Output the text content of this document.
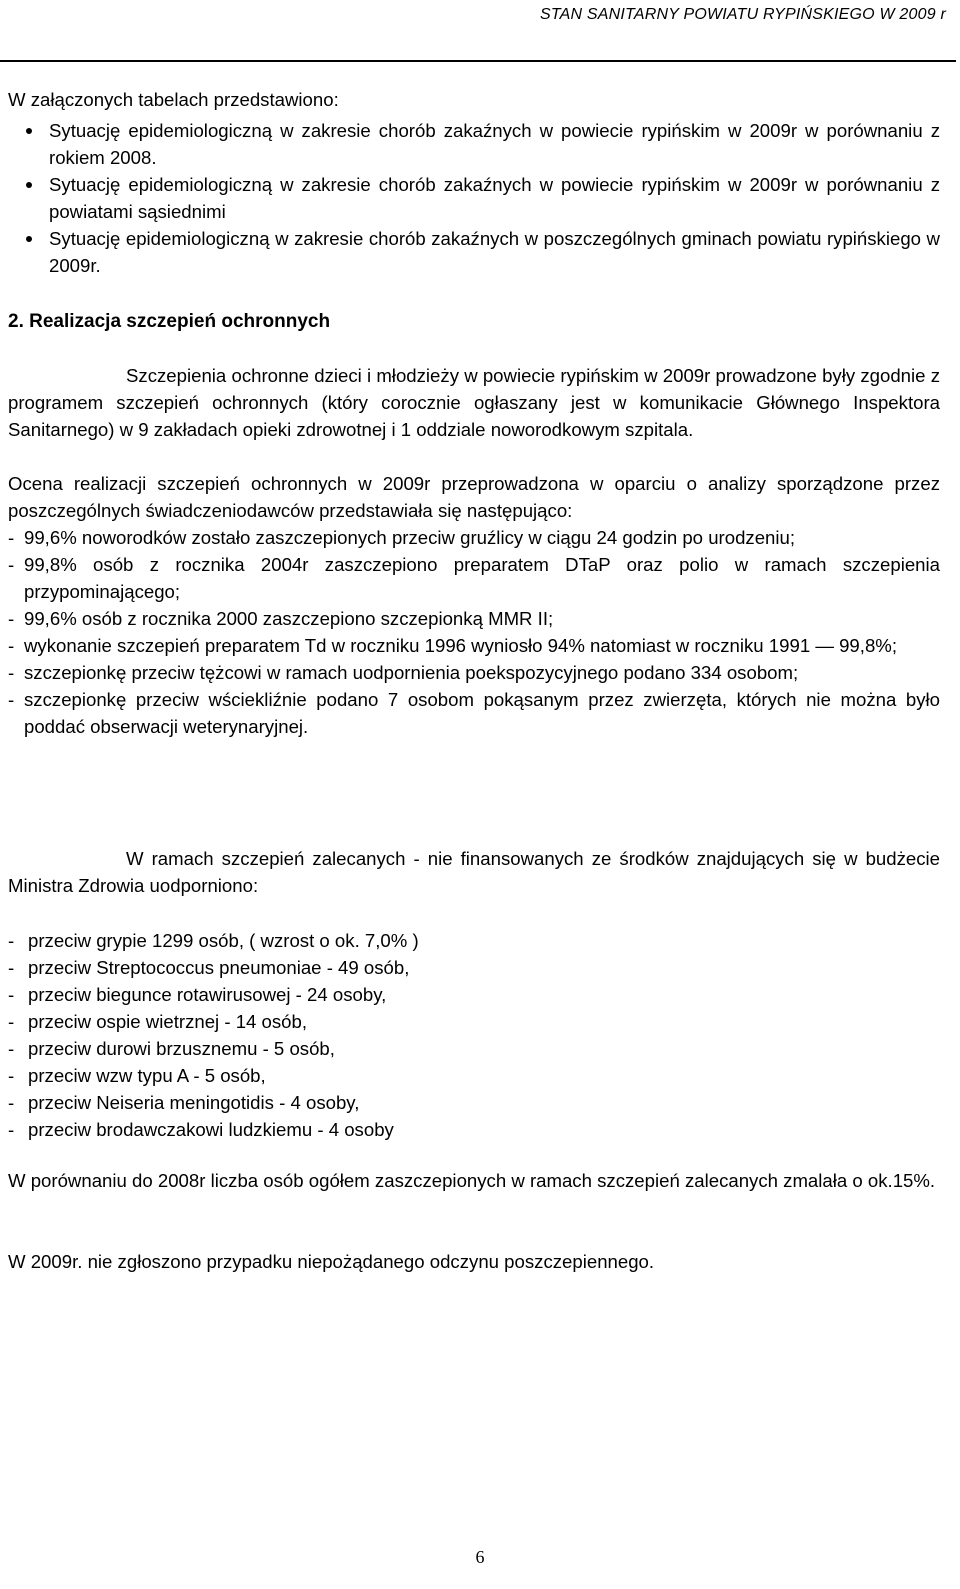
STAN SANITARNY POWIATU RYPIŃSKIEGO W 2009 r

W załączonych tabelach przedstawiono:

Sytuację epidemiologiczną w zakresie chorób zakaźnych w powiecie rypińskim w 2009r w porównaniu z rokiem 2008.
Sytuację epidemiologiczną w zakresie chorób zakaźnych w powiecie rypińskim w 2009r w porównaniu z powiatami sąsiednimi
Sytuację epidemiologiczną w zakresie chorób zakaźnych w poszczególnych gminach powiatu rypińskiego w 2009r.
2. Realizacja szczepień ochronnych

Szczepienia ochronne dzieci i młodzieży w powiecie rypińskim w 2009r prowadzone były zgodnie z programem szczepień ochronnych (który corocznie ogłaszany jest w komunikacie Głównego Inspektora Sanitarnego) w 9 zakładach opieki zdrowotnej i 1 oddziale noworodkowym szpitala.

Ocena realizacji szczepień ochronnych w 2009r przeprowadzona w oparciu o analizy sporządzone przez poszczególnych świadczeniodawców przedstawiała się następująco:

- 99,6% noworodków zostało zaszczepionych przeciw gruźlicy w ciągu 24 godzin po urodzeniu;
- 99,8% osób z rocznika 2004r zaszczepiono preparatem DTaP oraz polio w ramach szczepienia przypominającego;
- 99,6% osób z rocznika 2000 zaszczepiono szczepionką MMR II;
- wykonanie szczepień preparatem Td w roczniku 1996 wyniosło 94% natomiast w roczniku 1991 — 99,8%;
- szczepionkę przeciw tężcowi w ramach uodpornienia poekspozycyjnego podano 334 osobom;
- szczepionkę przeciw wściekliźnie podano 7 osobom pokąsanym przez zwierzęta, których nie można było poddać obserwacji weterynaryjnej.

W ramach szczepień zalecanych - nie finansowanych ze środków znajdujących się w budżecie Ministra Zdrowia uodporniono:

- przeciw grypie 1299 osób, ( wzrost o ok. 7,0% )
- przeciw Streptococcus pneumoniae - 49 osób,
- przeciw biegunce rotawirusowej - 24 osoby,
- przeciw ospie wietrznej - 14 osób,
- przeciw durowi brzusznemu - 5 osób,
- przeciw wzw typu A - 5 osób,
- przeciw Neiseria meningotidis - 4 osoby,
- przeciw brodawczakowi ludzkiemu - 4 osoby

W porównaniu do 2008r liczba osób ogółem zaszczepionych w ramach szczepień zalecanych zmalała o ok.15%.

W 2009r. nie zgłoszono przypadku niepożądanego odczynu poszczepiennego.

6
